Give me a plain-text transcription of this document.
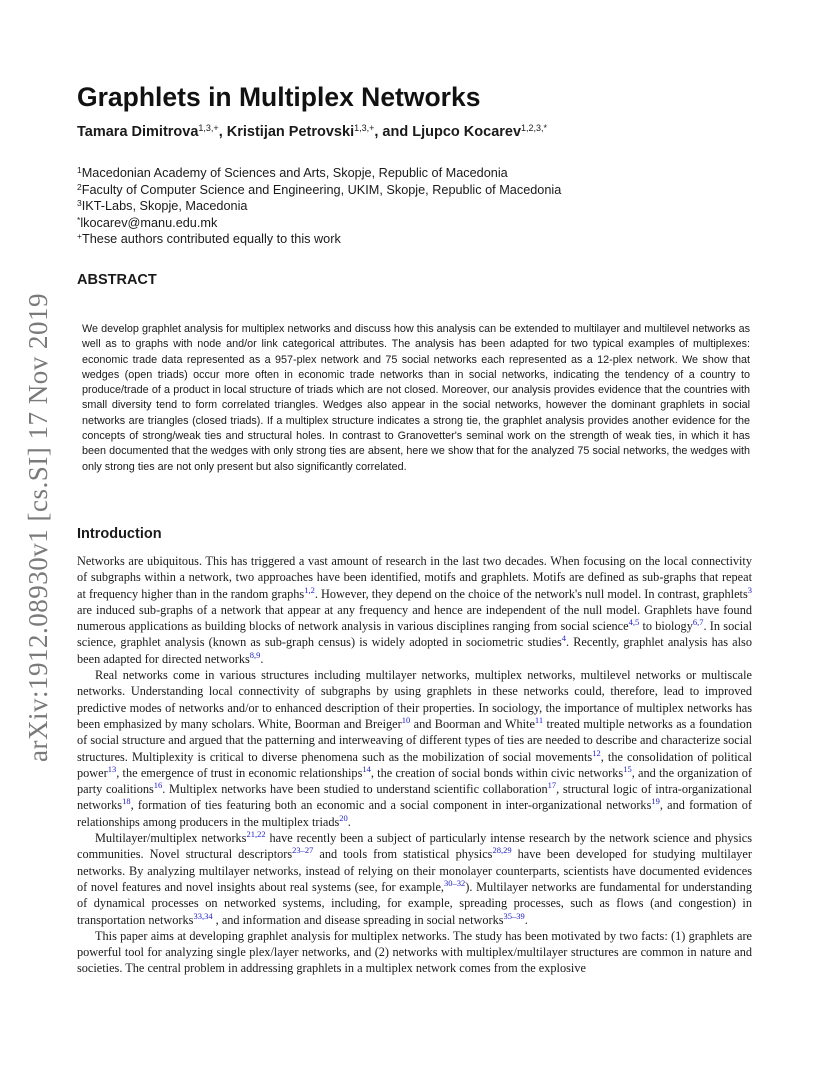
arXiv:1912.08930v1 [cs.SI] 17 Nov 2019
Graphlets in Multiplex Networks

Tamara Dimitrova$^{1,3,+}$, Kristijan Petrovski$^{1,3,+}$, and Ljupco Kocarev$^{1,2,3,*}$

$^1$Macedonian Academy of Sciences and Arts, Skopje, Republic of Macedonia
$^2$Faculty of Computer Science and Engineering, UKIM, Skopje, Republic of Macedonia
$^3$IKT-Labs, Skopje, Macedonia
*lkocarev@manu.edu.mk
+These authors contributed equally to this work
ABSTRACT

We develop graphlet analysis for multiplex networks and discuss how this analysis can be extended to multilayer and multilevel networks as well as to graphs with node and/or link categorical attributes. The analysis has been adapted for two typical examples of multiplexes: economic trade data represented as a 957-plex network and 75 social networks each represented as a 12-plex network. We show that wedges (open triads) occur more often in economic trade networks than in social networks, indicating the tendency of a country to produce/trade of a product in local structure of triads which are not closed. Moreover, our analysis provides evidence that the countries with small diversity tend to form correlated triangles. Wedges also appear in the social networks, however the dominant graphlets in social networks are triangles (closed triads). If a multiplex structure indicates a strong tie, the graphlet analysis provides another evidence for the concepts of strong/weak ties and structural holes. In contrast to Granovetter's seminal work on the strength of weak ties, in which it has been documented that the wedges with only strong ties are absent, here we show that for the analyzed 75 social networks, the wedges with only strong ties are not only present but also significantly correlated.

Introduction

Networks are ubiquitous. This has triggered a vast amount of research in the last two decades. When focusing on the local connectivity of subgraphs within a network, two approaches have been identified, motifs and graphlets. Motifs are defined as sub-graphs that repeat at frequency higher than in the random graphs$^{1,2}$. However, they depend on the choice of the network's null model. In contrast, graphlets$^3$ are induced sub-graphs of a network that appear at any frequency and hence are independent of the null model. Graphlets have found numerous applications as building blocks of network analysis in various disciplines ranging from social science$^{4,5}$ to biology$^{6,7}$. In social science, graphlet analysis (known as sub-graph census) is widely adopted in sociometric studies$^4$. Recently, graphlet analysis has also been adapted for directed networks$^{8,9}$.

Real networks come in various structures including multilayer networks, multiplex networks, multilevel networks or multiscale networks. Understanding local connectivity of subgraphs by using graphlets in these networks could, therefore, lead to improved predictive modes of networks and/or to enhanced description of their properties. In sociology, the importance of multiplex networks has been emphasized by many scholars. White, Boorman and Breiger$^{10}$ and Boorman and White$^{11}$ treated multiple networks as a foundation of social structure and argued that the patterning and interweaving of different types of ties are needed to describe and characterize social structures. Multiplexity is critical to diverse phenomena such as the mobilization of social movements$^{12}$, the consolidation of political power$^{13}$, the emergence of trust in economic relationships$^{14}$, the creation of social bonds within civic networks$^{15}$, and the organization of party coalitions$^{16}$. Multiplex networks have been studied to understand scientific collaboration$^{17}$, structural logic of intra-organizational networks$^{18}$, formation of ties featuring both an economic and a social component in inter-organizational networks$^{19}$, and formation of relationships among producers in the multiplex triads$^{20}$.

Multilayer/multiplex networks$^{21,22}$ have recently been a subject of particularly intense research by the network science and physics communities. Novel structural descriptors$^{23-27}$ and tools from statistical physics$^{28,29}$ have been developed for studying multilayer networks. By analyzing multilayer networks, instead of relying on their monolayer counterparts, scientists have documented evidences of novel features and novel insights about real systems (see, for example,$^{30-32}$). Multilayer networks are fundamental for understanding of dynamical processes on networked systems, including, for example, spreading processes, such as flows (and congestion) in transportation networks$^{33,34}$ , and information and disease spreading in social networks$^{35-39}$.

This paper aims at developing graphlet analysis for multiplex networks. The study has been motivated by two facts: (1) graphlets are powerful tool for analyzing single plex/layer networks, and (2) networks with multiplex/multilayer structures are common in nature and societies. The central problem in addressing graphlets in a multiplex network comes from the explosive
